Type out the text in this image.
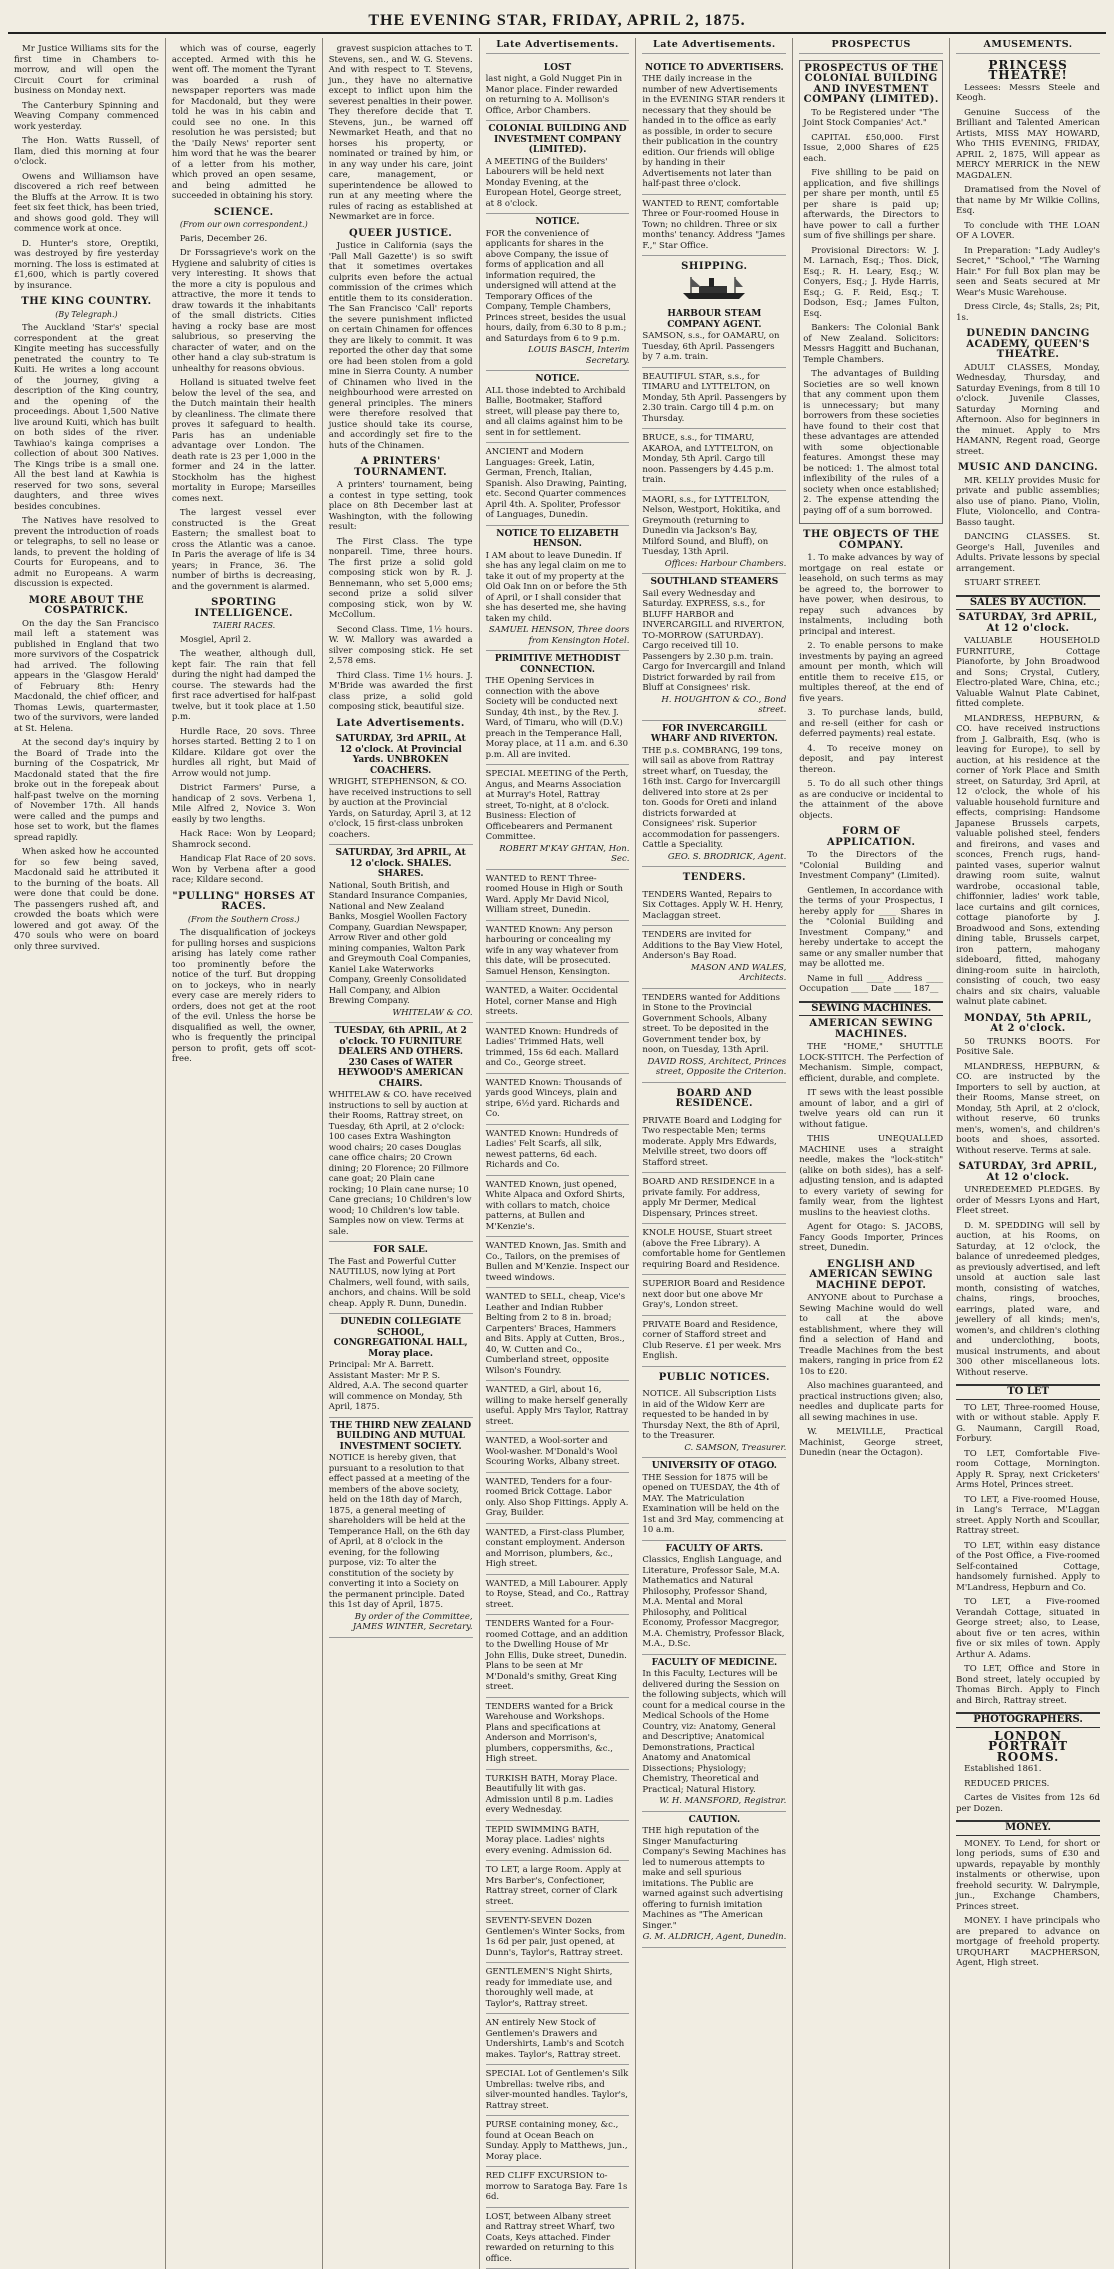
THE EVENING STAR, FRIDAY, APRIL 2, 1875.

Mr Justice Williams sits for the first time in Chambers to-morrow, and will open the Circuit Court for criminal business on Monday next.

The Canterbury Spinning and Weaving Company commenced work yesterday.

The Hon. Watts Russell, of Ilam, died this morning at four o'clock.

Owens and Williamson have discovered a rich reef between the Bluffs at the Arrow. It is two feet six feet thick, has been tried, and shows good gold. They will commence work at once.

D. Hunter's store, Oreptiki, was destroyed by fire yesterday morning. The loss is estimated at £1,600, which is partly covered by insurance.

THE KING COUNTRY.
(By Telegraph.)

The Auckland 'Star's' special correspondent at the great Kingite meeting has successfully penetrated the country to Te Kuiti. He writes a long account of the journey, giving a description of the King country, and the opening of the proceedings. About 1,500 Native live around Kuiti, which has built on both sides of the river. Tawhiao's kainga comprises a collection of about 300 Natives. The Kings tribe is a small one. All the best land at Kawhia is reserved for two sons, several daughters, and three wives besides concubines.

The Natives have resolved to prevent the introduction of roads or telegraphs, to sell no lease or lands, to prevent the holding of Courts for Europeans, and to admit no Europeans. A warm discussion is expected.

MORE ABOUT THE COSPATRICK.

On the day the San Francisco mail left a statement was published in England that two more survivors of the Cospatrick had arrived. The following appears in the 'Glasgow Herald' of February 8th: Henry Macdonald, the chief officer, and Thomas Lewis, quartermaster, two of the survivors, were landed at St. Helena.

At the second day's inquiry by the Board of Trade into the burning of the Cospatrick, Mr Macdonald stated that the fire broke out in the forepeak about half-past twelve on the morning of November 17th. All hands were called and the pumps and hose set to work, but the flames spread rapidly.

When asked how he accounted for so few being saved, Macdonald said he attributed it to the burning of the boats. All were done that could be done. The passengers rushed aft, and crowded the boats which were lowered and got away. Of the 470 souls who were on board only three survived.

which was of course, eagerly accepted. Armed with this he went off. The moment the Tyrant was boarded a rush of newspaper reporters was made for Macdonald, but they were told he was in his cabin and could see no one. In this resolution he was persisted; but the 'Daily News' reporter sent him word that he was the bearer of a letter from his mother, which proved an open sesame, and being admitted he succeeded in obtaining his story.

SCIENCE.
(From our own correspondent.)

Paris, December 26.

Dr Forssagrieve's work on the Hygiene and salubrity of cities is very interesting. It shows that the more a city is populous and attractive, the more it tends to draw towards it the inhabitants of the small districts. Cities having a rocky base are most salubrious, so preserving the character of water, and on the other hand a clay sub-stratum is unhealthy for reasons obvious.

Holland is situated twelve feet below the level of the sea, and the Dutch maintain their health by cleanliness. The climate there proves it safeguard to health. Paris has an undeniable advantage over London. The death rate is 23 per 1,000 in the former and 24 in the latter. Stockholm has the highest mortality in Europe; Marseilles comes next.

The largest vessel ever constructed is the Great Eastern; the smallest boat to cross the Atlantic was a canoe. In Paris the average of life is 34 years; in France, 36. The number of births is decreasing, and the government is alarmed.

SPORTING INTELLIGENCE.
TAIERI RACES.

Mosgiel, April 2.

The weather, although dull, kept fair. The rain that fell during the night had damped the course. The stewards had the first race advertised for half-past twelve, but it took place at 1.50 p.m.

Hurdle Race, 20 sovs. Three horses started. Betting 2 to 1 on Kildare. Kildare got over the hurdles all right, but Maid of Arrow would not jump.

District Farmers' Purse, a handicap of 2 sovs. Verbena 1, Mile Alfred 2, Novice 3. Won easily by two lengths.

Hack Race: Won by Leopard; Shamrock second.

Handicap Flat Race of 20 sovs. Won by Verbena after a good race; Kildare second.

"PULLING" HORSES AT RACES.
(From the Southern Cross.)

The disqualification of jockeys for pulling horses and suspicions arising has lately come rather too prominently before the notice of the turf. But dropping on to jockeys, who in nearly every case are merely riders to orders, does not get at the root of the evil. Unless the horse be disqualified as well, the owner, who is frequently the principal person to profit, gets off scot-free.

gravest suspicion attaches to T. Stevens, sen., and W. G. Stevens. And with respect to T. Stevens, jun., they have no alternative except to inflict upon him the severest penalties in their power. They therefore decide that T. Stevens, jun., be warned off Newmarket Heath, and that no horses his property, or nominated or trained by him, or in any way under his care, joint care, management, or superintendence be allowed to run at any meeting where the rules of racing as established at Newmarket are in force.

QUEER JUSTICE.

Justice in California (says the 'Pall Mall Gazette') is so swift that it sometimes overtakes culprits even before the actual commission of the crimes which entitle them to its consideration. The San Francisco 'Call' reports the severe punishment inflicted on certain Chinamen for offences they are likely to commit. It was reported the other day that some ore had been stolen from a gold mine in Sierra County. A number of Chinamen who lived in the neighbourhood were arrested on general principles. The miners were therefore resolved that justice should take its course, and accordingly set fire to the huts of the Chinamen.

A PRINTERS' TOURNAMENT.

A printers' tournament, being a contest in type setting, took place on 8th December last at Washington, with the following result:

The First Class. The type nonpareil. Time, three hours. The first prize a solid gold composing stick won by R. J. Bennemann, who set 5,000 ems; second prize a solid silver composing stick, won by W. McCollum.

Second Class. Time, 1½ hours. W. W. Mallory was awarded a silver composing stick. He set 2,578 ems.

Third Class. Time 1½ hours. J. M'Bride was awarded the first class prize, a solid gold composing stick, beautiful size.

Late Advertisements.
SATURDAY, 3rd APRIL, At 12 o'clock. At Provincial Yards. UNBROKEN COACHERS.
WRIGHT, STEPHENSON, & CO. have received instructions to sell by auction at the Provincial Yards, on Saturday, April 3, at 12 o'clock, 15 first-class unbroken coachers.
SATURDAY, 3rd APRIL, At 12 o'clock. SHALES. SHARES.
National, South British, and Standard Insurance Companies, National and New Zealand Banks, Mosgiel Woollen Factory Company, Guardian Newspaper, Arrow River and other gold mining companies, Walton Park and Greymouth Coal Companies, Kaniel Lake Waterworks Company, Greenly Consolidated Hall Company, and Albion Brewing Company.
WHITELAW & CO.
TUESDAY, 6th APRIL, At 2 o'clock. TO FURNITURE DEALERS AND OTHERS. 230 Cases of WATER HEYWOOD'S AMERICAN CHAIRS.
WHITELAW & CO. have received instructions to sell by auction at their Rooms, Rattray street, on Tuesday, 6th April, at 2 o'clock: 100 cases Extra Washington wood chairs; 20 cases Douglas cane office chairs; 20 Crown dining; 20 Florence; 20 Fillmore cane goat; 20 Plain cane rocking; 10 Plain cane nurse; 10 Cane grecians; 10 Children's low wood; 10 Children's low table. Samples now on view. Terms at sale.
FOR SALE.
The Fast and Powerful Cutter NAUTILUS, now lying at Port Chalmers, well found, with sails, anchors, and chains. Will be sold cheap. Apply R. Dunn, Dunedin.
DUNEDIN COLLEGIATE SCHOOL, CONGREGATIONAL HALL, Moray place.
Principal: Mr A. Barrett. Assistant Master: Mr P. S. Aldred, A.A. The second quarter will commence on Monday, 5th April, 1875.
THE THIRD NEW ZEALAND BUILDING AND MUTUAL INVESTMENT SOCIETY.
NOTICE is hereby given, that pursuant to a resolution to that effect passed at a meeting of the members of the above society, held on the 18th day of March, 1875, a general meeting of shareholders will be held at the Temperance Hall, on the 6th day of April, at 8 o'clock in the evening, for the following purpose, viz: To alter the constitution of the society by converting it into a Society on the permanent principle. Dated this 1st day of April, 1875.
By order of the Committee, JAMES WINTER, Secretary.
Late Advertisements.
LOST
last night, a Gold Nugget Pin in Manor place. Finder rewarded on returning to A. Mollison's Office, Arbor Chambers.
COLONIAL BUILDING AND INVESTMENT COMPANY (LIMITED).
A MEETING of the Builders' Labourers will be held next Monday Evening, at the European Hotel, George street, at 8 o'clock.
NOTICE.
FOR the convenience of applicants for shares in the above Company, the issue of forms of application and all information required, the undersigned will attend at the Temporary Offices of the Company, Temple Chambers, Princes street, besides the usual hours, daily, from 6.30 to 8 p.m.; and Saturdays from 6 to 9 p.m.
LOUIS BASCH, Interim Secretary.
NOTICE.
ALL those indebted to Archibald Ballie, Bootmaker, Stafford street, will please pay there to, and all claims against him to be sent in for settlement.
ANCIENT and Modern Languages: Greek, Latin, German, French, Italian, Spanish. Also Drawing, Painting, etc. Second Quarter commences April 4th. A. Spoliter, Professor of Languages, Dunedin.
NOTICE TO ELIZABETH HENSON.
I AM about to leave Dunedin. If she has any legal claim on me to take it out of my property at the Old Oak Inn on or before the 5th of April, or I shall consider that she has deserted me, she having taken my child.
SAMUEL HENSON, Three doors from Kensington Hotel.
PRIMITIVE METHODIST CONNECTION.
THE Opening Services in connection with the above Society will be conducted next Sunday, 4th inst., by the Rev. J. Ward, of Timaru, who will (D.V.) preach in the Temperance Hall, Moray place, at 11 a.m. and 6.30 p.m. All are invited.
SPECIAL MEETING of the Perth, Angus, and Mearns Association at Murray's Hotel, Rattray street, To-night, at 8 o'clock. Business: Election of Officebearers and Permanent Committee.
ROBERT M'KAY GHTAN, Hon. Sec.
WANTED to RENT Three-roomed House in High or South Ward. Apply Mr David Nicol, William street, Dunedin.
WANTED Known: Any person harbouring or concealing my wife in any way whatever from this date, will be prosecuted. Samuel Henson, Kensington.
WANTED, a Waiter. Occidental Hotel, corner Manse and High streets.
WANTED Known: Hundreds of Ladies' Trimmed Hats, well trimmed, 15s 6d each. Mallard and Co., George street.
WANTED Known: Thousands of yards good Winceys, plain and stripe, 6½d yard. Richards and Co.
WANTED Known: Hundreds of Ladies' Felt Scarfs, all silk, newest patterns, 6d each. Richards and Co.
WANTED Known, just opened, White Alpaca and Oxford Shirts, with collars to match, choice patterns, at Bullen and M'Kenzie's.
WANTED Known, Jas. Smith and Co., Tailors, on the premises of Bullen and M'Kenzie. Inspect our tweed windows.
WANTED to SELL, cheap, Vice's Leather and Indian Rubber Belting from 2 to 8 in. broad; Carpenters' Braces, Hammers and Bits. Apply at Cutten, Bros., 40, W. Cutten and Co., Cumberland street, opposite Wilson's Foundry.
WANTED, a Girl, about 16, willing to make herself generally useful. Apply Mrs Taylor, Rattray street.
WANTED, a Wool-sorter and Wool-washer. M'Donald's Wool Scouring Works, Albany street.
WANTED, Tenders for a four-roomed Brick Cottage. Labor only. Also Shop Fittings. Apply A. Gray, Builder.
WANTED, a First-class Plumber, constant employment. Anderson and Morrison, plumbers, &c., High street.
WANTED, a Mill Labourer. Apply to Royse, Stead, and Co., Rattray street.
TENDERS Wanted for a Four-roomed Cottage, and an addition to the Dwelling House of Mr John Ellis, Duke street, Dunedin. Plans to be seen at Mr M'Donald's smithy, Great King street.
TENDERS wanted for a Brick Warehouse and Workshops. Plans and specifications at Anderson and Morrison's, plumbers, coppersmiths, &c., High street.
TURKISH BATH, Moray Place. Beautifully lit with gas. Admission until 8 p.m. Ladies every Wednesday.
TEPID SWIMMING BATH, Moray place. Ladies' nights every evening. Admission 6d.
TO LET, a large Room. Apply at Mrs Barber's, Confectioner, Rattray street, corner of Clark street.
SEVENTY-SEVEN Dozen Gentlemen's Winter Socks, from 1s 6d per pair, just opened, at Dunn's, Taylor's, Rattray street.
GENTLEMEN'S Night Shirts, ready for immediate use, and thoroughly well made, at Taylor's, Rattray street.
AN entirely New Stock of Gentlemen's Drawers and Undershirts, Lamb's and Scotch makes. Taylor's, Rattray street.
SPECIAL Lot of Gentlemen's Silk Umbrellas: twelve ribs, and silver-mounted handles. Taylor's, Rattray street.
PURSE containing money, &c., found at Ocean Beach on Sunday. Apply to Matthews, jun., Moray place.
RED CLIFF EXCURSION to-morrow to Saratoga Bay. Fare 1s 6d.
LOST, between Albany street and Rattray street Wharf, two Coats, Keys attached. Finder rewarded on returning to this office.
Late Advertisements.
NOTICE TO ADVERTISERS.
THE daily increase in the number of new Advertisements in the EVENING STAR renders it necessary that they should be handed in to the office as early as possible, in order to secure their publication in the country edition. Our friends will oblige by handing in their Advertisements not later than half-past three o'clock.
WANTED to RENT, comfortable Three or Four-roomed House in Town; no children. Three or six months' tenancy. Address "James F.," Star Office.
SHIPPING.
HARBOUR STEAM COMPANY AGENT.
SAMSON, s.s., for OAMARU, on Tuesday, 6th April. Passengers by 7 a.m. train.
BEAUTIFUL STAR, s.s., for TIMARU and LYTTELTON, on Monday, 5th April. Passengers by 2.30 train. Cargo till 4 p.m. on Thursday.
BRUCE, s.s., for TIMARU, AKAROA, and LYTTELTON, on Monday, 5th April. Cargo till noon. Passengers by 4.45 p.m. train.
MAORI, s.s., for LYTTELTON, Nelson, Westport, Hokitika, and Greymouth (returning to Dunedin via Jackson's Bay, Milford Sound, and Bluff), on Tuesday, 13th April.
Offices: Harbour Chambers.
SOUTHLAND STEAMERS
Sail every Wednesday and Saturday. EXPRESS, s.s., for BLUFF HARBOR and INVERCARGILL and RIVERTON, TO-MORROW (SATURDAY). Cargo received till 10. Passengers by 2.30 p.m. train. Cargo for Invercargill and Inland District forwarded by rail from Bluff at Consignees' risk.
H. HOUGHTON & CO., Bond street.
FOR INVERCARGILL WHARF AND RIVERTON.
THE p.s. COMBRANG, 199 tons, will sail as above from Rattray street wharf, on Tuesday, the 16th inst. Cargo for Invercargill delivered into store at 2s per ton. Goods for Oreti and inland districts forwarded at Consignees' risk. Superior accommodation for passengers. Cattle a Speciality.
GEO. S. BRODRICK, Agent.
TENDERS.
TENDERS Wanted, Repairs to Six Cottages. Apply W. H. Henry, Maclaggan street.
TENDERS are invited for Additions to the Bay View Hotel, Anderson's Bay Road.
MASON AND WALES, Architects.
TENDERS wanted for Additions in Stone to the Provincial Government Schools, Albany street. To be deposited in the Government tender box, by noon, on Tuesday, 13th April.
DAVID ROSS, Architect, Princes street, Opposite the Criterion.
BOARD AND RESIDENCE.
PRIVATE Board and Lodging for Two respectable Men; terms moderate. Apply Mrs Edwards, Melville street, two doors off Stafford street.
BOARD AND RESIDENCE in a private family. For address, apply Mr Dermer, Medical Dispensary, Princes street.
KNOLE HOUSE, Stuart street (above the Free Library). A comfortable home for Gentlemen requiring Board and Residence.
SUPERIOR Board and Residence next door but one above Mr Gray's, London street.
PRIVATE Board and Residence, corner of Stafford street and Club Reserve. £1 per week. Mrs English.
PUBLIC NOTICES.
NOTICE. All Subscription Lists in aid of the Widow Kerr are requested to be handed in by Thursday Next, the 8th of April, to the Treasurer.
C. SAMSON, Treasurer.
UNIVERSITY OF OTAGO.
THE Session for 1875 will be opened on TUESDAY, the 4th of MAY. The Matriculation Examination will be held on the 1st and 3rd May, commencing at 10 a.m.
FACULTY OF ARTS.
Classics, English Language, and Literature, Professor Sale, M.A. Mathematics and Natural Philosophy, Professor Shand, M.A. Mental and Moral Philosophy, and Political Economy, Professor Macgregor, M.A. Chemistry, Professor Black, M.A., D.Sc.
FACULTY OF MEDICINE.
In this Faculty, Lectures will be delivered during the Session on the following subjects, which will count for a medical course in the Medical Schools of the Home Country, viz: Anatomy, General and Descriptive; Anatomical Demonstrations, Practical Anatomy and Anatomical Dissections; Physiology; Chemistry, Theoretical and Practical; Natural History.
W. H. MANSFORD, Registrar.
CAUTION.
THE high reputation of the Singer Manufacturing Company's Sewing Machines has led to numerous attempts to make and sell spurious imitations. The Public are warned against such advertising offering to furnish imitation Machines as "The American Singer."
G. M. ALDRICH, Agent, Dunedin.
PROSPECTUS
PROSPECTUS OF THE COLONIAL BUILDING AND INVESTMENT COMPANY (LIMITED).

To be Registered under "The Joint Stock Companies' Act."

CAPITAL £50,000. First Issue, 2,000 Shares of £25 each.

Five shilling to be paid on application, and five shillings per share per month, until £5 per share is paid up; afterwards, the Directors to have power to call a further sum of five shillings per share.

Provisional Directors: W. J. M. Larnach, Esq.; Thos. Dick, Esq.; R. H. Leary, Esq.; W. Conyers, Esq.; J. Hyde Harris, Esq.; G. F. Reid, Esq.; T. Dodson, Esq.; James Fulton, Esq.

Bankers: The Colonial Bank of New Zealand. Solicitors: Messrs Haggitt and Buchanan, Temple Chambers.

The advantages of Building Societies are so well known that any comment upon them is unnecessary; but many borrowers from these societies have found to their cost that these advantages are attended with some objectionable features. Amongst these may be noticed: 1. The almost total inflexibility of the rules of a society when once established; 2. The expense attending the paying off of a sum borrowed.

THE OBJECTS OF THE COMPANY.

1. To make advances by way of mortgage on real estate or leasehold, on such terms as may be agreed to, the borrower to have power, when desirous, to repay such advances by instalments, including both principal and interest.

2. To enable persons to make investments by paying an agreed amount per month, which will entitle them to receive £15, or multiples thereof, at the end of five years.

3. To purchase lands, build, and re-sell (either for cash or deferred payments) real estate.

4. To receive money on deposit, and pay interest thereon.

5. To do all such other things as are conducive or incidental to the attainment of the above objects.

FORM OF APPLICATION.

To the Directors of the "Colonial Building and Investment Company" (Limited).

Gentlemen, In accordance with the terms of your Prospectus, I hereby apply for ____ Shares in the "Colonial Building and Investment Company," and hereby undertake to accept the same or any smaller number that may be allotted me.

Name in full ____ Address ____ Occupation ____ Date ____ 187__

SEWING MACHINES.
AMERICAN SEWING MACHINES.

THE "HOME," SHUTTLE LOCK-STITCH. The Perfection of Mechanism. Simple, compact, efficient, durable, and complete.

IT sews with the least possible amount of labor, and a girl of twelve years old can run it without fatigue.

THIS UNEQUALLED MACHINE uses a straight needle, makes the "lock-stitch" (alike on both sides), has a self-adjusting tension, and is adapted to every variety of sewing for family wear, from the lightest muslins to the heaviest cloths.

Agent for Otago: S. JACOBS, Fancy Goods Importer, Princes street, Dunedin.

ENGLISH AND AMERICAN SEWING MACHINE DEPOT.

ANYONE about to Purchase a Sewing Machine would do well to call at the above establishment, where they will find a selection of Hand and Treadle Machines from the best makers, ranging in price from £2 10s to £20.

Also machines guaranteed, and practical instructions given; also, needles and duplicate parts for all sewing machines in use.

W. MELVILLE, Practical Machinist, George street, Dunedin (near the Octagon).

AMUSEMENTS.
PRINCESS THEATRE!

Lessees: Messrs Steele and Keogh.

Genuine Success of the Brilliant and Talented American Artists, MISS MAY HOWARD, Who THIS EVENING, FRIDAY, APRIL 2, 1875, Will appear as MERCY MERRICK in the NEW MAGDALEN.

Dramatised from the Novel of that name by Mr Wilkie Collins, Esq.

To conclude with THE LOAN OF A LOVER.

In Preparation: "Lady Audley's Secret," "School," "The Warning Hair." For full Box plan may be seen and Seats secured at Mr Wear's Music Warehouse.

Dress Circle, 4s; Stalls, 2s; Pit, 1s.

DUNEDIN DANCING ACADEMY, QUEEN'S THEATRE.

ADULT CLASSES, Monday, Wednesday, Thursday, and Saturday Evenings, from 8 till 10 o'clock. Juvenile Classes, Saturday Morning and Afternoon. Also for beginners in the minuet. Apply to Mrs HAMANN, Regent road, George street.

MUSIC AND DANCING.

MR. KELLY provides Music for private and public assemblies; also use of piano. Piano, Violin, Flute, Violoncello, and Contra-Basso taught.

DANCING CLASSES. St. George's Hall, Juveniles and Adults. Private lessons by special arrangement.

STUART STREET.

SALES BY AUCTION.
SATURDAY, 3rd APRIL, At 12 o'clock.

VALUABLE HOUSEHOLD FURNITURE, Cottage Pianoforte, by John Broadwood and Sons; Crystal, Cutlery, Electro-plated Ware, China, etc.; Valuable Walnut Plate Cabinet, fitted complete.

MLANDRESS, HEPBURN, & CO. have received instructions from J. Galbraith, Esq. (who is leaving for Europe), to sell by auction, at his residence at the corner of York Place and Smith street, on Saturday, 3rd April, at 12 o'clock, the whole of his valuable household furniture and effects, comprising: Handsome Japanese Brussels carpets, valuable polished steel, fenders and fireirons, and vases and sconces, French rugs, hand-painted vases, superior walnut drawing room suite, walnut wardrobe, occasional table, chiffonnier, ladies' work table, lace curtains and gilt cornices, cottage pianoforte by J. Broadwood and Sons, extending dining table, Brussels carpet, iron pattern, mahogany sideboard, fitted, mahogany dining-room suite in haircloth, consisting of couch, two easy chairs and six chairs, valuable walnut plate cabinet.

MONDAY, 5th APRIL, At 2 o'clock.

50 TRUNKS BOOTS. For Positive Sale.

MLANDRESS, HEPBURN, & CO. are instructed by the Importers to sell by auction, at their Rooms, Manse street, on Monday, 5th April, at 2 o'clock, without reserve, 60 trunks men's, women's, and children's boots and shoes, assorted. Without reserve. Terms at sale.

SATURDAY, 3rd APRIL, At 12 o'clock.

UNREDEEMED PLEDGES. By order of Messrs Lyons and Hart, Fleet street.

D. M. SPEDDING will sell by auction, at his Rooms, on Saturday, at 12 o'clock, the balance of unredeemed pledges, as previously advertised, and left unsold at auction sale last month, consisting of watches, chains, rings, brooches, earrings, plated ware, and jewellery of all kinds; men's, women's, and children's clothing and underclothing, boots, musical instruments, and about 300 other miscellaneous lots. Without reserve.

TO LET

TO LET, Three-roomed House, with or without stable. Apply F. G. Naumann, Cargill Road, Forbury.

TO LET, Comfortable Five-room Cottage, Mornington. Apply R. Spray, next Cricketers' Arms Hotel, Princes street.

TO LET, a Five-roomed House, in Lang's Terrace, M'Laggan street. Apply North and Scoullar, Rattray street.

TO LET, within easy distance of the Post Office, a Five-roomed Self-contained Cottage, handsomely furnished. Apply to M'Landress, Hepburn and Co.

TO LET, a Five-roomed Verandah Cottage, situated in George street; also, to Lease, about five or ten acres, within five or six miles of town. Apply Arthur A. Adams.

TO LET, Office and Store in Bond street, lately occupied by Thomas Birch. Apply to Finch and Birch, Rattray street.

PHOTOGRAPHERS.
LONDON PORTRAIT ROOMS.

Established 1861.

REDUCED PRICES.

Cartes de Visites from 12s 6d per Dozen.

MONEY.

MONEY. To Lend, for short or long periods, sums of £30 and upwards, repayable by monthly instalments or otherwise, upon freehold security. W. Dalrymple, jun., Exchange Chambers, Princes street.

MONEY. I have principals who are prepared to advance on mortgage of freehold property. URQUHART MACPHERSON, Agent, High street.
